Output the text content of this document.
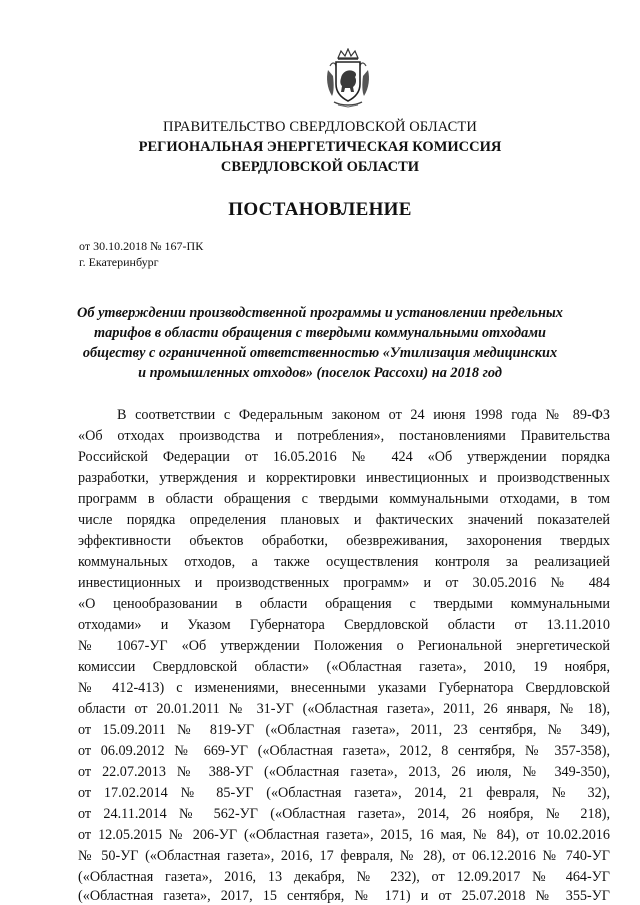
ПРАВИТЕЛЬСТВО СВЕРДЛОВСКОЙ ОБЛАСТИ
РЕГИОНАЛЬНАЯ ЭНЕРГЕТИЧЕСКАЯ КОМИССИЯ
СВЕРДЛОВСКОЙ ОБЛАСТИ
ПОСТАНОВЛЕНИЕ
от 30.10.2018 № 167-ПК
г. Екатеринбург
Об утверждении производственной программы и установлении предельных
тарифов в области обращения с твердыми коммунальными отходами
обществу с ограниченной ответственностью «Утилизация медицинских
и промышленных отходов» (поселок Рассохи) на 2018 год
В соответствии с Федеральным законом от 24 июня 1998 года № 89-ФЗ
«Об отходах производства и потребления», постановлениями Правительства
Российской Федерации от 16.05.2016 № 424 «Об утверждении порядка
разработки, утверждения и корректировки инвестиционных и производственных
программ в области обращения с твердыми коммунальными отходами, в том
числе порядка определения плановых и фактических значений показателей
эффективности объектов обработки, обезвреживания, захоронения твердых
коммунальных отходов, а также осуществления контроля за реализацией
инвестиционных и производственных программ» и от 30.05.2016 № 484
«О ценообразовании в области обращения с твердыми коммунальными
отходами» и Указом Губернатора Свердловской области от 13.11.2010
№ 1067-УГ «Об утверждении Положения о Региональной энергетической
комиссии Свердловской области» («Областная газета», 2010, 19 ноября,
№ 412-413) с изменениями, внесенными указами Губернатора Свердловской
области от 20.01.2011 № 31-УГ («Областная газета», 2011, 26 января, № 18),
от 15.09.2011 № 819-УГ («Областная газета», 2011, 23 сентября, № 349),
от 06.09.2012 № 669-УГ («Областная газета», 2012, 8 сентября, № 357-358),
от 22.07.2013 № 388-УГ («Областная газета», 2013, 26 июля, № 349-350),
от 17.02.2014 № 85-УГ («Областная газета», 2014, 21 февраля, № 32),
от 24.11.2014 № 562-УГ («Областная газета», 2014, 26 ноября, № 218),
от 12.05.2015 № 206-УГ («Областная газета», 2015, 16 мая, № 84), от 10.02.2016
№ 50-УГ («Областная газета», 2016, 17 февраля, № 28), от 06.12.2016 № 740-УГ
(«Областная газета», 2016, 13 декабря, № 232), от 12.09.2017 № 464-УГ
(«Областная газета», 2017, 15 сентября, № 171) и от 25.07.2018 № 355-УГ
